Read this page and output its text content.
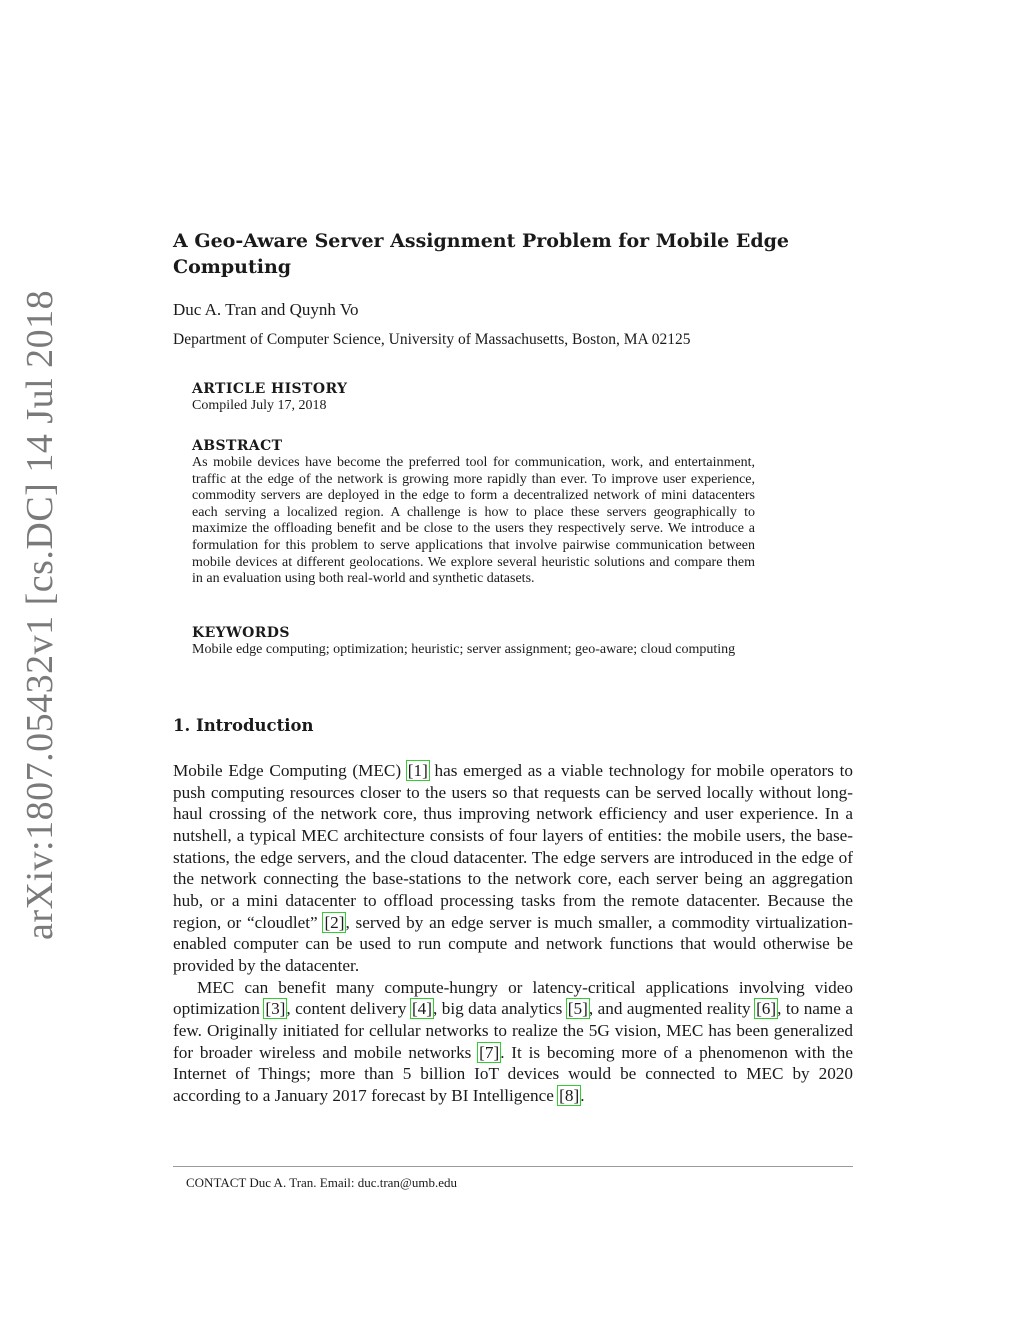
arXiv:1807.05432v1 [cs.DC] 14 Jul 2018
A Geo-Aware Server Assignment Problem for Mobile Edge Computing
Duc A. Tran and Quynh Vo
Department of Computer Science, University of Massachusetts, Boston, MA 02125
ARTICLE HISTORY
Compiled July 17, 2018
ABSTRACT
As mobile devices have become the preferred tool for communication, work, and entertainment, traffic at the edge of the network is growing more rapidly than ever. To improve user experience, commodity servers are deployed in the edge to form a decentralized network of mini datacenters each serving a localized region. A challenge is how to place these servers geographically to maximize the offloading benefit and be close to the users they respectively serve. We introduce a formulation for this problem to serve applications that involve pairwise communication between mobile devices at different geolocations. We explore several heuristic solutions and compare them in an evaluation using both real-world and synthetic datasets.
KEYWORDS
Mobile edge computing; optimization; heuristic; server assignment; geo-aware; cloud computing
1. Introduction

Mobile Edge Computing (MEC) [1] has emerged as a viable technology for mobile operators to push computing resources closer to the users so that requests can be served locally without long-haul crossing of the network core, thus improving network efficiency and user experience. In a nutshell, a typical MEC architecture consists of four layers of entities: the mobile users, the base-stations, the edge servers, and the cloud datacenter. The edge servers are introduced in the edge of the network connecting the base-stations to the network core, each server being an aggregation hub, or a mini datacenter to offload processing tasks from the remote datacenter. Because the region, or “cloudlet” [2], served by an edge server is much smaller, a commodity virtualization-enabled computer can be used to run compute and network functions that would otherwise be provided by the datacenter.

MEC can benefit many compute-hungry or latency-critical applications involving video optimization [3], content delivery [4], big data analytics [5], and augmented reality [6], to name a few. Originally initiated for cellular networks to realize the 5G vision, MEC has been generalized for broader wireless and mobile networks [7]. It is becoming more of a phenomenon with the Internet of Things; more than 5 billion IoT devices would be connected to MEC by 2020 according to a January 2017 forecast by BI Intelligence [8].

CONTACT Duc A. Tran. Email: duc.tran@umb.edu
